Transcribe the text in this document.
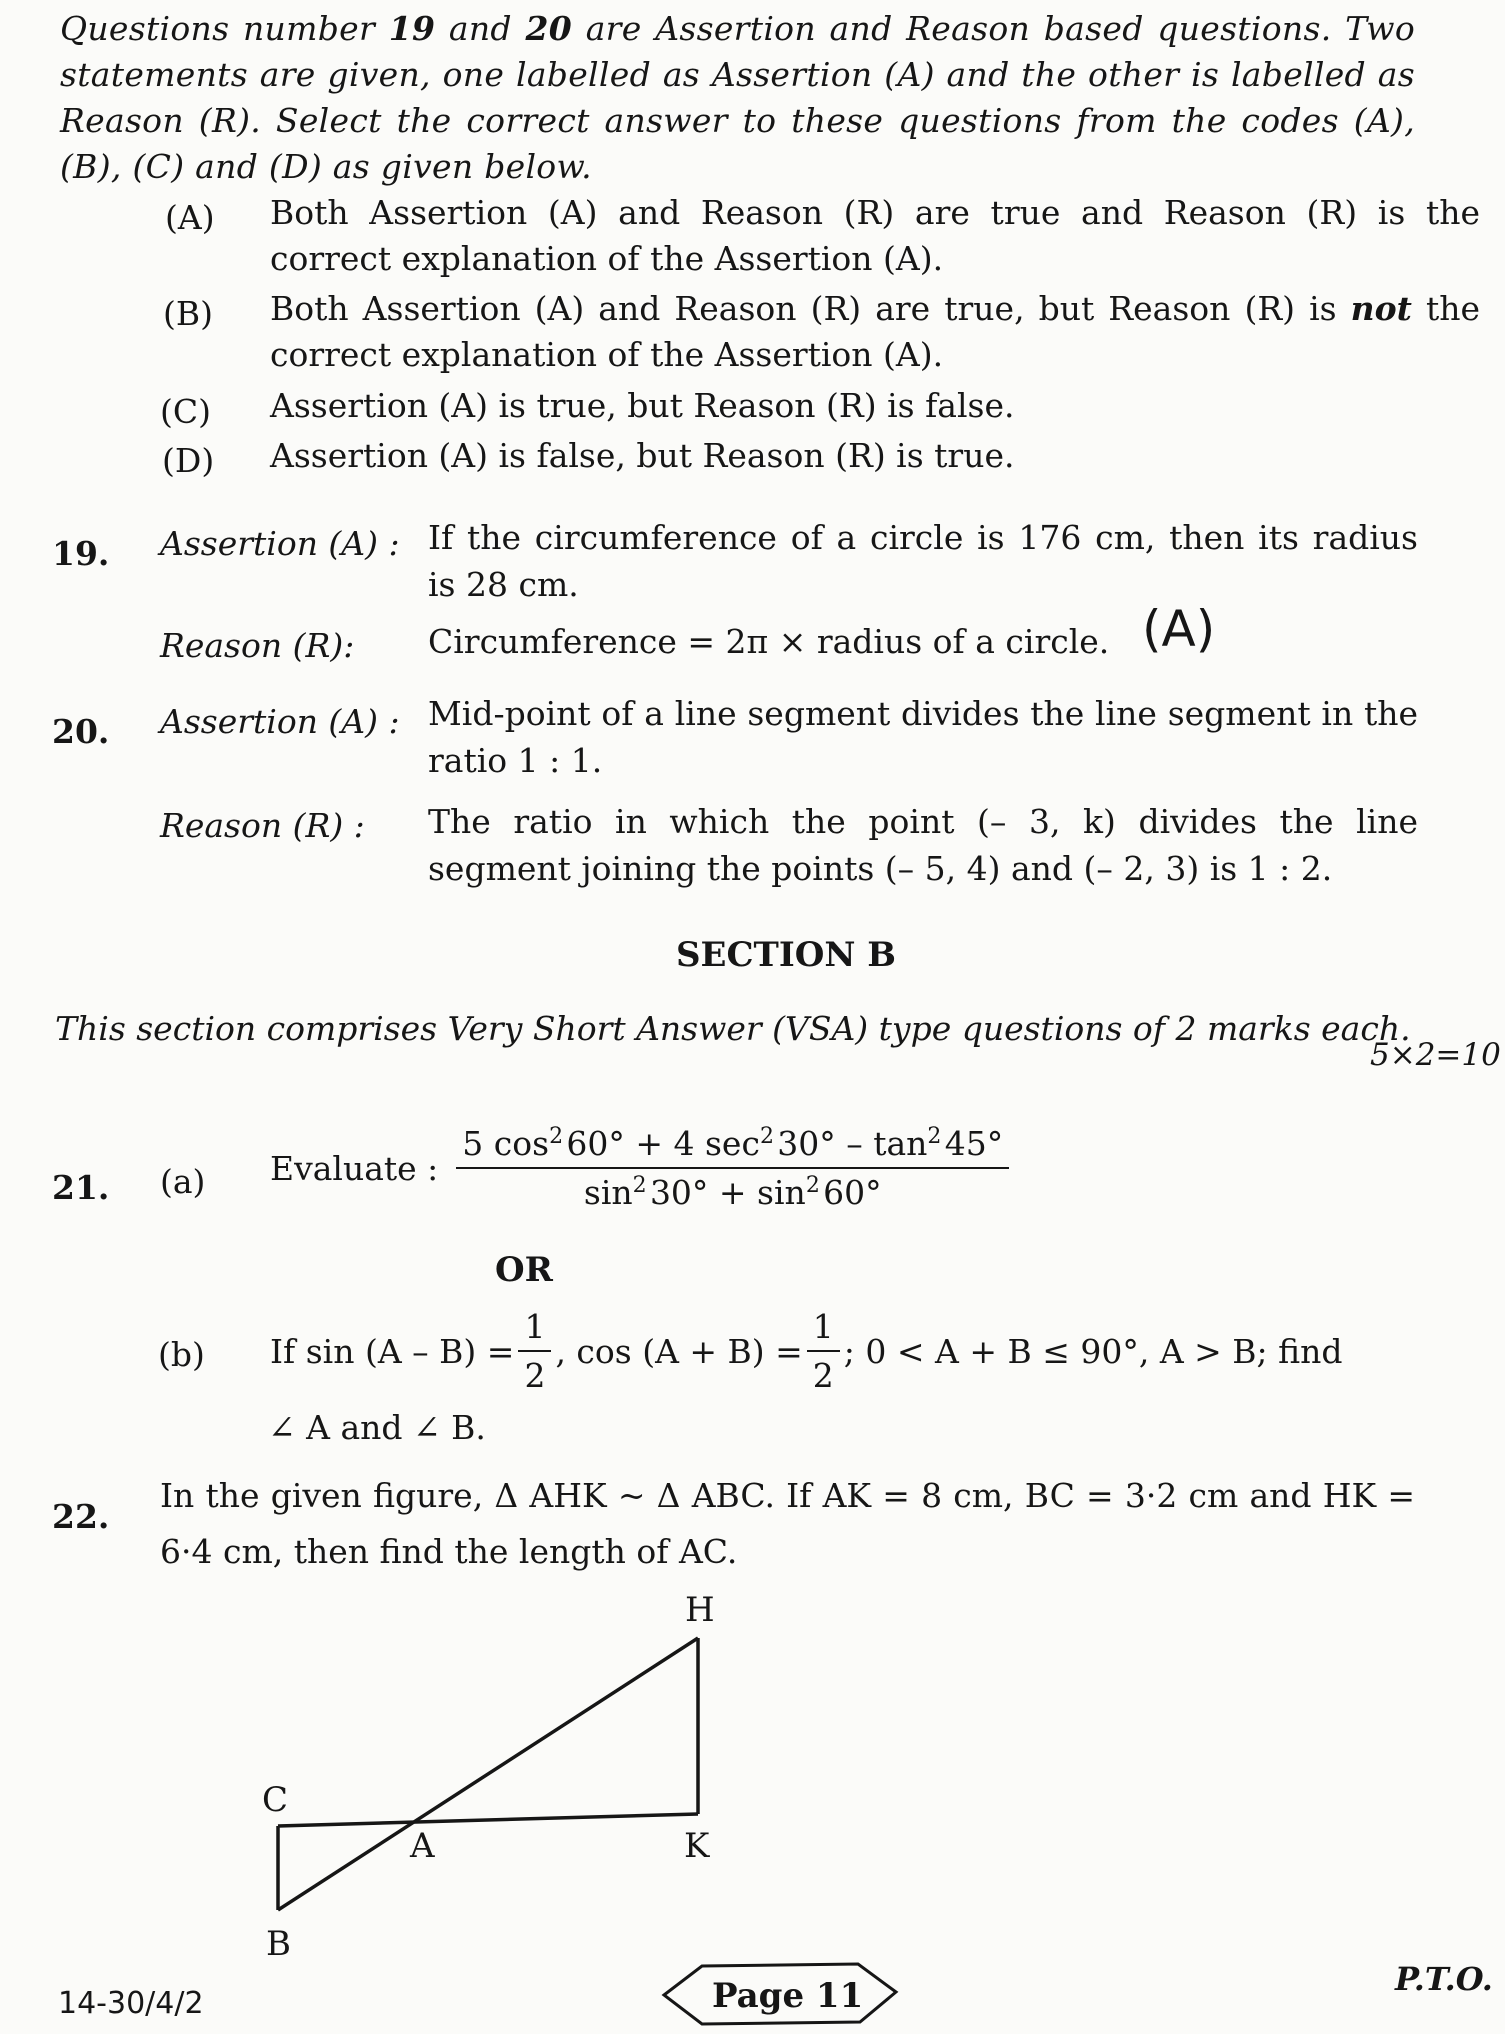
Questions number 19 and 20 are Assertion and Reason based questions. Two statements are given, one labelled as Assertion (A) and the other is labelled as Reason (R). Select the correct answer to these questions from the codes (A), (B), (C) and (D) as given below.
(A) Both Assertion (A) and Reason (R) are true and Reason (R) is the correct explanation of the Assertion (A).
(B) Both Assertion (A) and Reason (R) are true, but Reason (R) is not the correct explanation of the Assertion (A).
(C) Assertion (A) is true, but Reason (R) is false.
(D) Assertion (A) is false, but Reason (R) is true.
19. Assertion (A) : If the circumference of a circle is 176 cm, then its radius is 28 cm.
Reason (R): Circumference = 2π × radius of a circle. (A)
20. Assertion (A) : Mid-point of a line segment divides the line segment in the ratio 1 : 1.
Reason (R) : The ratio in which the point (– 3, k) divides the line segment joining the points (– 5, 4) and (– 2, 3) is 1 : 2.
SECTION B
This section comprises Very Short Answer (VSA) type questions of 2 marks each.
5×2=10
21. (a) Evaluate : $\frac{5 \cos^2 60^\circ + 4 \sec^2 30^\circ - \tan^2 45^\circ}{\sin^2 30^\circ + \sin^2 60^\circ}$
OR
(b) If $\sin (A - B) = \frac{1}{2}$ , $\cos (A + B) = \frac{1}{2}$ ; 0 < A + B ≤ 90°, A > B; find
∠ A and ∠ B.
22.
In the given figure, Δ AHK ~ Δ ABC. If AK = 8 cm, BC = 3·2 cm and HK = 6·4 cm, then find the length of AC.
H
C
A	K
B
14-30/4/2	Page 11	P.T.O.
